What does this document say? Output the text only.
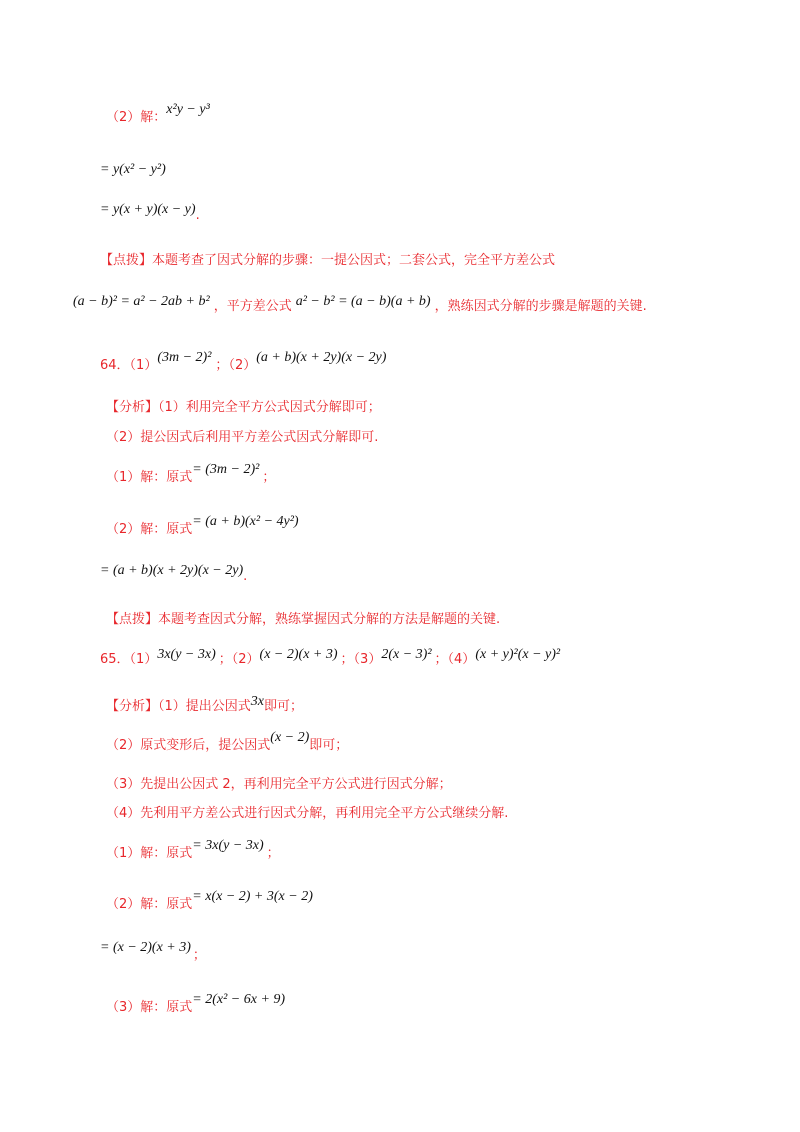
（2）解：x²y − y³
= y(x² − y²)
= y(x + y)(x − y).
【点拨】本题考查了因式分解的步骤：一提公因式；二套公式，完全平方差公式
(a − b)² = a² − 2ab + b² ，平方差公式 a² − b² = (a − b)(a + b) ，熟练因式分解的步骤是解题的关键.
64．（1）(3m − 2)²；（2）(a + b)(x + 2y)(x − 2y)
【分析】（1）利用完全平方公式因式分解即可；
（2）提公因式后利用平方差公式因式分解即可.
（1）解：原式= (3m − 2)²；
（2）解：原式= (a + b)(x² − 4y²)
= (a + b)(x + 2y)(x − 2y).
【点拨】本题考查因式分解，熟练掌握因式分解的方法是解题的关键.
65．（1）3x(y − 3x) ；（2）(x − 2)(x + 3) ；（3）2(x − 3)² ；（4）(x + y)²(x − y)²
【分析】（1）提出公因式3x即可；
（2）原式变形后，提公因式(x − 2)即可；
（3）先提出公因式 2，再利用完全平方公式进行因式分解；
（4）先利用平方差公式进行因式分解，再利用完全平方公式继续分解.
（1）解：原式= 3x(y − 3x)；
（2）解：原式= x(x − 2) + 3(x − 2)
= (x − 2)(x + 3)；
（3）解：原式= 2(x² − 6x + 9)
